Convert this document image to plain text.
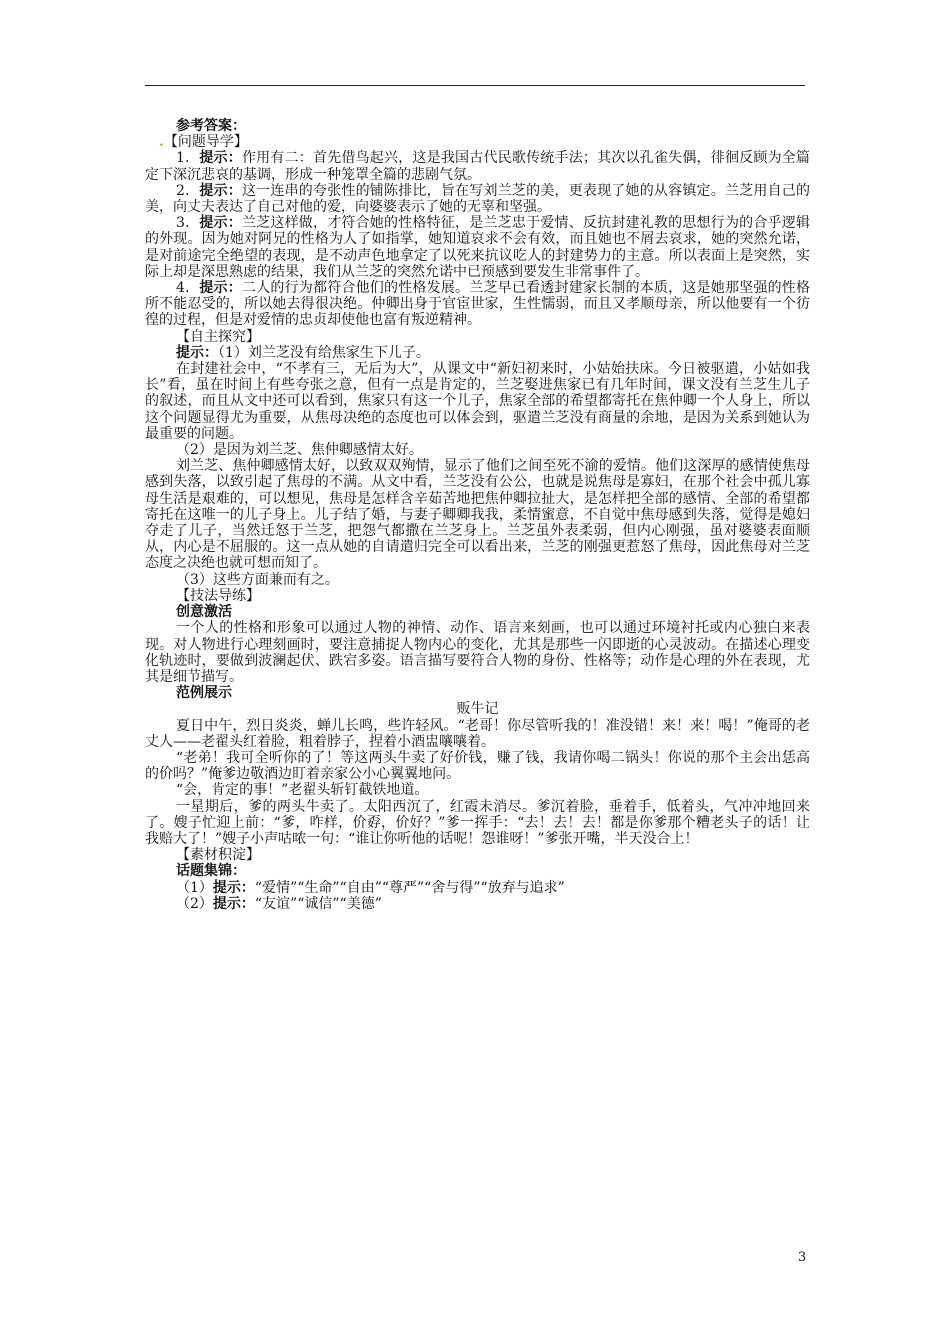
参考答案：

.【问题导学】

1．提示：作用有二：首先借鸟起兴，这是我国古代民歌传统手法；其次以孔雀失偶，徘徊反顾为全篇定下深沉悲哀的基调，形成一种笼罩全篇的悲剧气氛。

2．提示：这一连串的夸张性的铺陈排比，旨在写刘兰芝的美，更表现了她的从容镇定。兰芝用自己的美，向丈夫表达了自己对他的爱，向婆婆表示了她的无辜和坚强。

3．提示：兰芝这样做，才符合她的性格特征，是兰芝忠于爱情、反抗封建礼教的思想行为的合乎逻辑的外现。因为她对阿兄的性格为人了如指掌，她知道哀求不会有效，而且她也不屑去哀求，她的突然允诺，是对前途完全绝望的表现，是不动声色地拿定了以死来抗议吃人的封建势力的主意。所以表面上是突然，实际上却是深思熟虑的结果，我们从兰芝的突然允诺中已预感到要发生非常事件了。

4．提示：二人的行为都符合他们的性格发展。兰芝早已看透封建家长制的本质，这是她那坚强的性格所不能忍受的，所以她去得很决绝。仲卿出身于官宦世家，生性懦弱，而且又孝顺母亲，所以他要有一个彷徨的过程，但是对爱情的忠贞却使他也富有叛逆精神。

【自主探究】

提示：（1）刘兰芝没有给焦家生下儿子。

在封建社会中，“不孝有三，无后为大”，从课文中“新妇初来时，小姑始扶床。今日被驱遣，小姑如我长”看，虽在时间上有些夸张之意，但有一点是肯定的，兰芝娶进焦家已有几年时间，课文没有兰芝生儿子的叙述，而且从文中还可以看到，焦家只有这一个儿子，焦家全部的希望都寄托在焦仲卿一个人身上，所以这个问题显得尤为重要，从焦母决绝的态度也可以体会到，驱遣兰芝没有商量的余地，是因为关系到她认为最重要的问题。

（2）是因为刘兰芝、焦仲卿感情太好。

刘兰芝、焦仲卿感情太好，以致双双殉情，显示了他们之间至死不渝的爱情。他们这深厚的感情使焦母感到失落，以致引起了焦母的不满。从文中看，兰芝没有公公，也就是说焦母是寡妇，在那个社会中孤儿寡母生活是艰难的，可以想见，焦母是怎样含辛茹苦地把焦仲卿拉扯大，是怎样把全部的感情、全部的希望都寄托在这唯一的儿子身上。儿子结了婚，与妻子卿卿我我，柔情蜜意，不自觉中焦母感到失落，觉得是媳妇夺走了儿子，当然迁怒于兰芝，把怨气都撒在兰芝身上。兰芝虽外表柔弱，但内心刚强，虽对婆婆表面顺从，内心是不屈服的。这一点从她的自请遣归完全可以看出来，兰芝的刚强更惹怒了焦母，因此焦母对兰芝态度之决绝也就可想而知了。

（3）这些方面兼而有之。

【技法导练】

创意激活

一个人的性格和形象可以通过人物的神情、动作、语言来刻画，也可以通过环境衬托或内心独白来表现。对人物进行心理刻画时，要注意捕捉人物内心的变化，尤其是那些一闪即逝的心灵波动。在描述心理变化轨迹时，要做到波澜起伏、跌宕多姿。语言描写要符合人物的身份、性格等；动作是心理的外在表现，尤其是细节描写。

范例展示

贩牛记

夏日中午，烈日炎炎，蝉儿长鸣，些许轻风。“老哥！你尽管听我的！准没错！来！来！喝！”俺哥的老丈人——老翟头红着脸，粗着脖子，捏着小酒盅嚷嚷着。

“老弟！我可全听你的了！等这两头牛卖了好价钱，赚了钱，我请你喝二锅头！你说的那个主会出恁高的价吗？”俺爹边敬酒边盯着亲家公小心翼翼地问。

“会，肯定的事！”老翟头斩钉截铁地道。

一星期后，爹的两头牛卖了。太阳西沉了，红霞未消尽。爹沉着脸，垂着手，低着头，气冲冲地回来了。嫂子忙迎上前：“爹，咋样，价孬，价好？”爹一挥手：“去！去！去！都是你爹那个糟老头子的话！让我赔大了！”嫂子小声咕哝一句：“谁让你听他的话呢！怨谁呀！”爹张开嘴，半天没合上！

【素材积淀】

话题集锦：

（1）提示：“爱情”“生命”“自由”“尊严”“舍与得”“放弃与追求”

（2）提示：“友谊”“诚信”“美德”

3
